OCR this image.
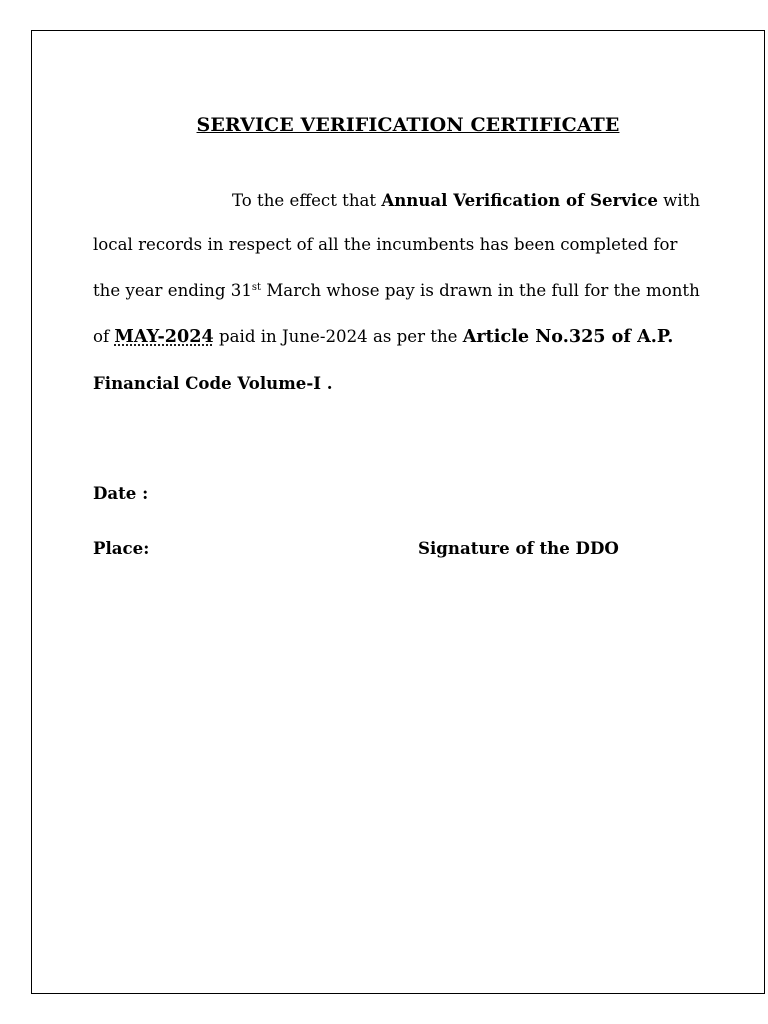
SERVICE VERIFICATION CERTIFICATE
To the effect that Annual Verification of Service with
local records in respect of all the incumbents has been completed for
the year ending 31st March whose pay is drawn in the full for the month
of MAY-2024 paid in June-2024 as per the Article No.325 of A.P.
Financial Code Volume-I .
Date :
Place:	Signature of the DDO
